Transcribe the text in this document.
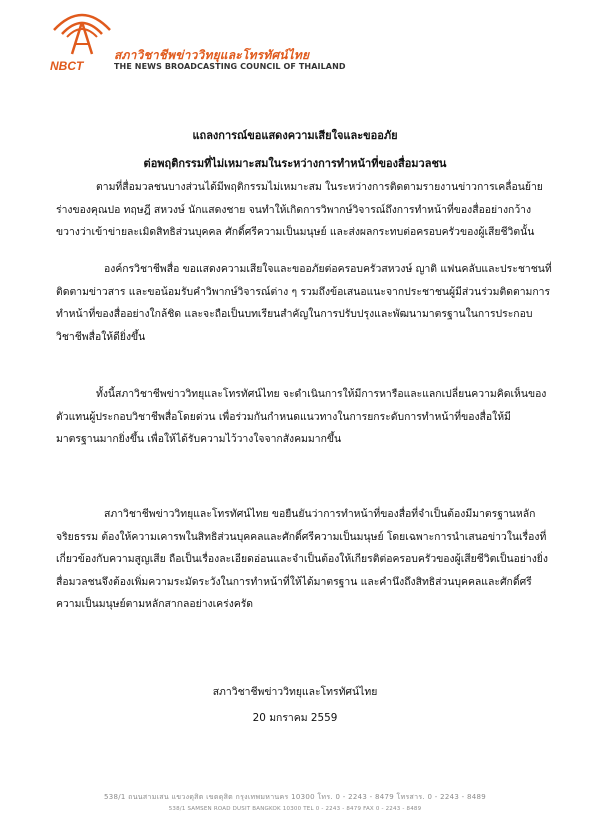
NBCT
สภาวิชาชีพข่าววิทยุและโทรทัศน์ไทย
THE NEWS BROADCASTING COUNCIL OF THAILAND
แถลงการณ์ขอแสดงความเสียใจและขออภัย
ต่อพฤติกรรมที่ไม่เหมาะสมในระหว่างการทำหน้าที่ของสื่อมวลชน
ตามที่สื่อมวลชนบางส่วนได้มีพฤติกรรมไม่เหมาะสม ในระหว่างการติดตามรายงานข่าวการเคลื่อนย้ายร่างของคุณปอ ทฤษฎี สหวงษ์ นักแสดงชาย จนทำให้เกิดการวิพากษ์วิจารณ์ถึงการทำหน้าที่ของสื่ออย่างกว้างขวางว่าเข้าข่ายละเมิดสิทธิส่วนบุคคล ศักดิ์ศรีความเป็นมนุษย์ และส่งผลกระทบต่อครอบครัวของผู้เสียชีวิตนั้น
องค์กรวิชาชีพสื่อ ขอแสดงความเสียใจและขออภัยต่อครอบครัวสหวงษ์ ญาติ แฟนคลับและประชาชนที่ติดตามข่าวสาร และขอน้อมรับคำวิพากษ์วิจารณ์ต่าง ๆ รวมถึงข้อเสนอแนะจากประชาชนผู้มีส่วนร่วมติดตามการทำหน้าที่ของสื่ออย่างใกล้ชิด และจะถือเป็นบทเรียนสำคัญในการปรับปรุงและพัฒนามาตรฐานในการประกอบวิชาชีพสื่อให้ดียิ่งขึ้น
ทั้งนี้สภาวิชาชีพข่าววิทยุและโทรทัศน์ไทย จะดำเนินการให้มีการหารือและแลกเปลี่ยนความคิดเห็นของตัวแทนผู้ประกอบวิชาชีพสื่อโดยด่วน เพื่อร่วมกันกำหนดแนวทางในการยกระดับการทำหน้าที่ของสื่อให้มีมาตรฐานมากยิ่งขึ้น เพื่อให้ได้รับความไว้วางใจจากสังคมมากขึ้น
สภาวิชาชีพข่าววิทยุและโทรทัศน์ไทย ขอยืนยันว่าการทำหน้าที่ของสื่อที่จำเป็นต้องมีมาตรฐานหลักจริยธรรม ต้องให้ความเคารพในสิทธิส่วนบุคคลและศักดิ์ศรีความเป็นมนุษย์ โดยเฉพาะการนำเสนอข่าวในเรื่องที่เกี่ยวข้องกับความสูญเสีย ถือเป็นเรื่องละเอียดอ่อนและจำเป็นต้องให้เกียรติต่อครอบครัวของผู้เสียชีวิตเป็นอย่างยิ่ง สื่อมวลชนจึงต้องเพิ่มความระมัดระวังในการทำหน้าที่ให้ได้มาตรฐาน และคำนึงถึงสิทธิส่วนบุคคลและศักดิ์ศรีความเป็นมนุษย์ตามหลักสากลอย่างเคร่งครัด
สภาวิชาชีพข่าววิทยุและโทรทัศน์ไทย
20 มกราคม 2559
538/1 ถนนสามเสน แขวงดุสิต เขตดุสิต กรุงเทพมหานคร 10300 โทร. 0 - 2243 - 8479 โทรสาร. 0 - 2243 - 8489
538/1 SAMSEN ROAD DUSIT BANGKOK 10300 TEL 0 - 2243 - 8479 FAX 0 - 2243 - 8489
